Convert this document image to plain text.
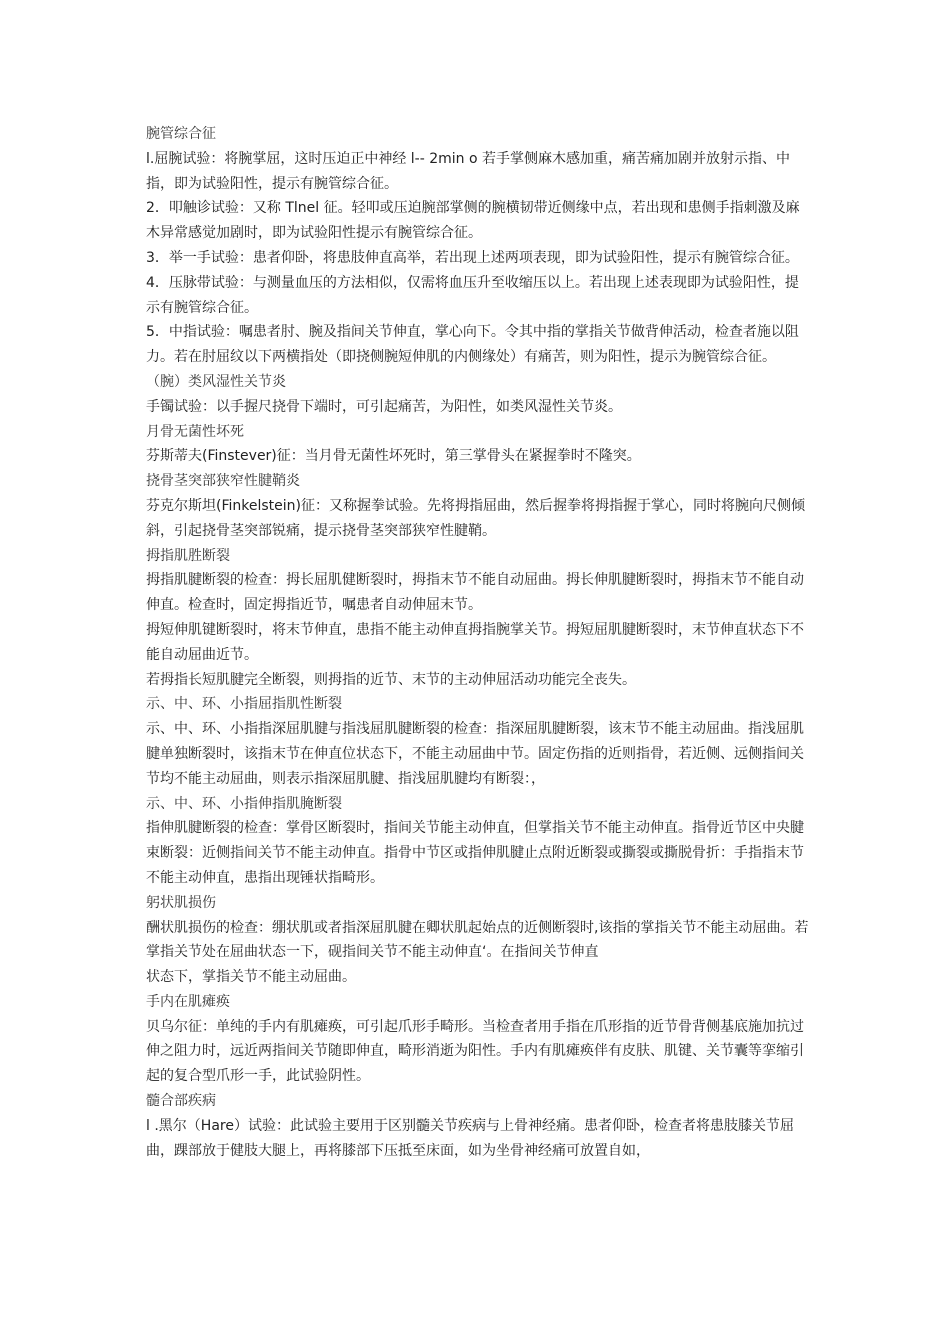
腕管综合征

l.屈腕试验：将腕掌屈，这时压迫正中神经 l-- 2min o 若手掌侧麻木感加重，痛苦痛加剧并放射示指、中指，即为试验阳性，提示有腕管综合征。

2．叩触诊试验：又称 Tlnel 征。轻叩或压迫腕部掌侧的腕横韧带近侧缘中点，若出现和患侧手指刺激及麻木异常感觉加剧时，即为试验阳性提示有腕管综合征。

3．举一手试验：患者仰卧，将患肢伸直高举，若出现上述两项表现，即为试验阳性，提示有腕管综合征。

4．压脉带试验：与测量血压的方法相似，仅需将血压升至收缩压以上。若出现上述表现即为试验阳性，提示有腕管综合征。

5．中指试验：嘱患者肘、腕及指间关节伸直，掌心向下。令其中指的掌指关节做背伸活动，检查者施以阻力。若在肘屈纹以下两横指处（即挠侧腕短伸肌的内侧缘处）有痛苦，则为阳性，提示为腕管综合征。

（腕）类风湿性关节炎

手镯试验：以手握尺挠骨下端时，可引起痛苦，为阳性，如类风湿性关节炎。

月骨无菌性坏死

芬斯蒂夫(Finstever)征：当月骨无菌性坏死时，第三掌骨头在紧握拳时不隆突。

挠骨茎突部狭窄性腱鞘炎

芬克尔斯坦(Finkelstein)征：又称握拳试验。先将拇指屈曲，然后握拳将拇指握于掌心，同时将腕向尺侧倾斜，引起挠骨茎突部锐痛，提示挠骨茎突部狭窄性腱鞘。

拇指肌胜断裂

拇指肌腱断裂的检查：拇长屈肌健断裂时，拇指末节不能自动屈曲。拇长伸肌腱断裂时，拇指末节不能自动伸直。检查时，固定拇指近节，嘱患者自动伸屈末节。

拇短伸肌键断裂时，将末节伸直，患指不能主动伸直拇指腕掌关节。拇短屈肌腱断裂时，末节伸直状态下不能自动屈曲近节。

若拇指长短肌腱完全断裂，则拇指的近节、末节的主动伸屈活动功能完全丧失。

示、中、环、小指屈指肌性断裂

示、中、环、小指指深屈肌腱与指浅屈肌腱断裂的检查：指深屈肌腱断裂，该末节不能主动屈曲。指浅屈肌腱单独断裂时，该指末节在伸直位状态下，不能主动屈曲中节。固定伤指的近则指骨，若近侧、远侧指间关节均不能主动屈曲，则表示指深屈肌腱、指浅屈肌腱均有断裂：，

示、中、环、小指伸指肌腌断裂

指伸肌腱断裂的检查：掌骨区断裂时，指间关节能主动伸直，但掌指关节不能主动伸直。指骨近节区中央腱束断裂：近侧指间关节不能主动伸直。指骨中节区或指伸肌腱止点附近断裂或撕裂或撕脱骨折：手指指末节不能主动伸直，患指出现锤状指畸形。

躬状肌损伤

酬状肌损伤的检查：绷状肌或者指深屈肌腱在卿状肌起始点的近侧断裂时,该指的掌指关节不能主动屈曲。若掌指关节处在屈曲状态一下，砚指间关节不能主动伸直‘。在指间关节伸直

状态下，掌指关节不能主动屈曲。

手内在肌瘫痪

贝乌尔征：单纯的手内有肌瘫痪，可引起爪形手畸形。当检查者用手指在爪形指的近节骨背侧基底施加抗过伸之阻力时，远近两指间关节随即伸直，畸形消逝为阳性。手内有肌瘫痪伴有皮肤、肌键、关节囊等挛缩引起的复合型爪形一手，此试验阴性。

髓合部疾病

l .黑尔（Hare）试验：此试验主要用于区别髓关节疾病与上骨神经痛。患者仰卧，检查者将患肢膝关节屈曲，踝部放于健肢大腿上，再将膝部下压抵至床面，如为坐骨神经痛可放置自如，
